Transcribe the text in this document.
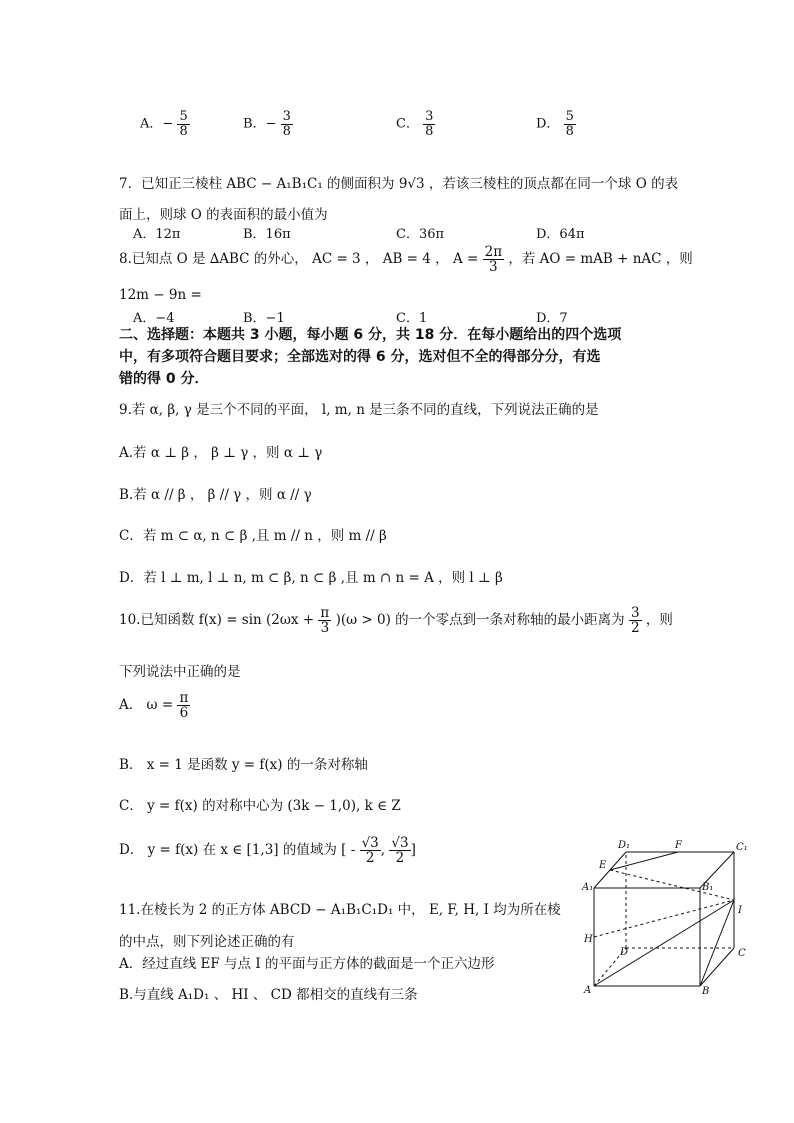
A．− $\frac{5}{8}$	B．− $\frac{3}{8}$	C． $\frac{3}{8}$	D． $\frac{5}{8}$
7．已知正三棱柱 ABC − A₁B₁C₁ 的侧面积为 9√3 ，若该三棱柱的顶点都在同一个球 O 的表
面上，则球 O 的表面积的最小值为
A．12π	B．16π	C．36π	D．64π
8.已知点 O 是 ∆ABC 的外心， AC = 3 ， AB = 4 ， $A = \frac{2\pi}{3}$ ，若 AO = mAB + nAC ，则
12m − 9n =
A．−4	B．−1	C．1	D．7
二、选择题：本题共 3 小题，每小题 6 分，共 18 分．在每小题给出的四个选项
中，有多项符合题目要求；全部选对的得 6 分，选对但不全的得部分分，有选
错的得 0 分．
9.若 α, β, γ 是三个不同的平面， l, m, n 是三条不同的直线，下列说法正确的是
A.若 α ⊥ β ， β ⊥ γ ，则 α ⊥ γ
B.若 α // β ， β // γ ，则 α // γ
C．若 m ⊂ α, n ⊂ β ,且 m // n ，则 m // β
D．若 l ⊥ m, l ⊥ n, m ⊂ β, n ⊂ β ,且 m ∩ n = A ，则 l ⊥ β
10.已知函数 $f(x) = \sin (2\omega x + \frac{\pi}{3} )(\omega > 0)$ 的一个零点到一条对称轴的最小距离为 $\frac{3}{2}$ ，则
下列说法中正确的是
A． $\omega = \frac{\pi}{6}$
B． x = 1 是函数 y = f(x) 的一条对称轴
C． y = f(x) 的对称中心为 (3k − 1,0), k ∈ Z
D． y = f(x) 在 x ∈ [1,3] 的值域为 [ - $\frac{√3}{2}$ , $\frac{√3}{2}$ ]
11.在棱长为 2 的正方体 ABCD − A₁B₁C₁D₁ 中， E, F, H, I 均为所在棱
的中点，则下列论述正确的有
A．经过直线 EF 与点 I 的平面与正方体的截面是一个正六边形
B.与直线 A₁D₁ 、 HI 、 CD 都相交的直线有三条
D₁	F	C₁
E
A₁	B₁
I
H
D	C
A	B
